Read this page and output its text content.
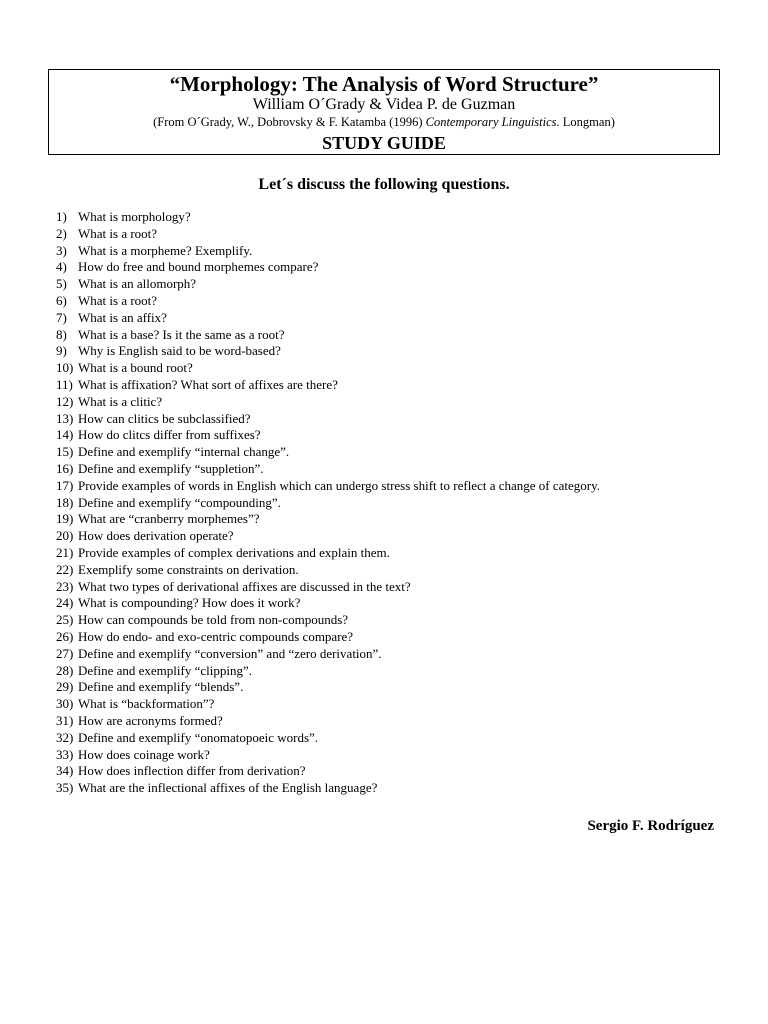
“Morphology: The Analysis of Word Structure”
William O´Grady & Videa P. de Guzman
(From O´Grady, W., Dobrovsky & F. Katamba (1996) Contemporary Linguistics. Longman)
STUDY GUIDE
Let´s discuss the following questions.
1) What is morphology?
2) What is a root?
3) What is a morpheme? Exemplify.
4) How do free and bound morphemes compare?
5) What is an allomorph?
6) What is a root?
7) What is an affix?
8) What is a base? Is it the same as a root?
9) Why is English said to be word-based?
10) What is a bound root?
11) What is affixation? What sort of affixes are there?
12) What is a clitic?
13) How can clitics be subclassified?
14) How do clitcs differ from suffixes?
15) Define and exemplify “internal change”.
16) Define and exemplify “suppletion”.
17) Provide examples of words in English which can undergo stress shift to reflect a change of category.
18) Define and exemplify “compounding”.
19) What are “cranberry morphemes”?
20) How does derivation operate?
21) Provide examples of complex derivations and explain them.
22) Exemplify some constraints on derivation.
23) What two types of derivational affixes are discussed in the text?
24) What is compounding? How does it work?
25) How can compounds be told from non-compounds?
26) How do endo- and exo-centric compounds compare?
27) Define and exemplify “conversion” and “zero derivation”.
28) Define and exemplify “clipping”.
29) Define and exemplify “blends”.
30) What is “backformation”?
31) How are acronyms formed?
32) Define and exemplify “onomatopoeic words”.
33) How does coinage work?
34) How does inflection differ from derivation?
35) What are the inflectional affixes of the English language?
Sergio F. Rodríguez
